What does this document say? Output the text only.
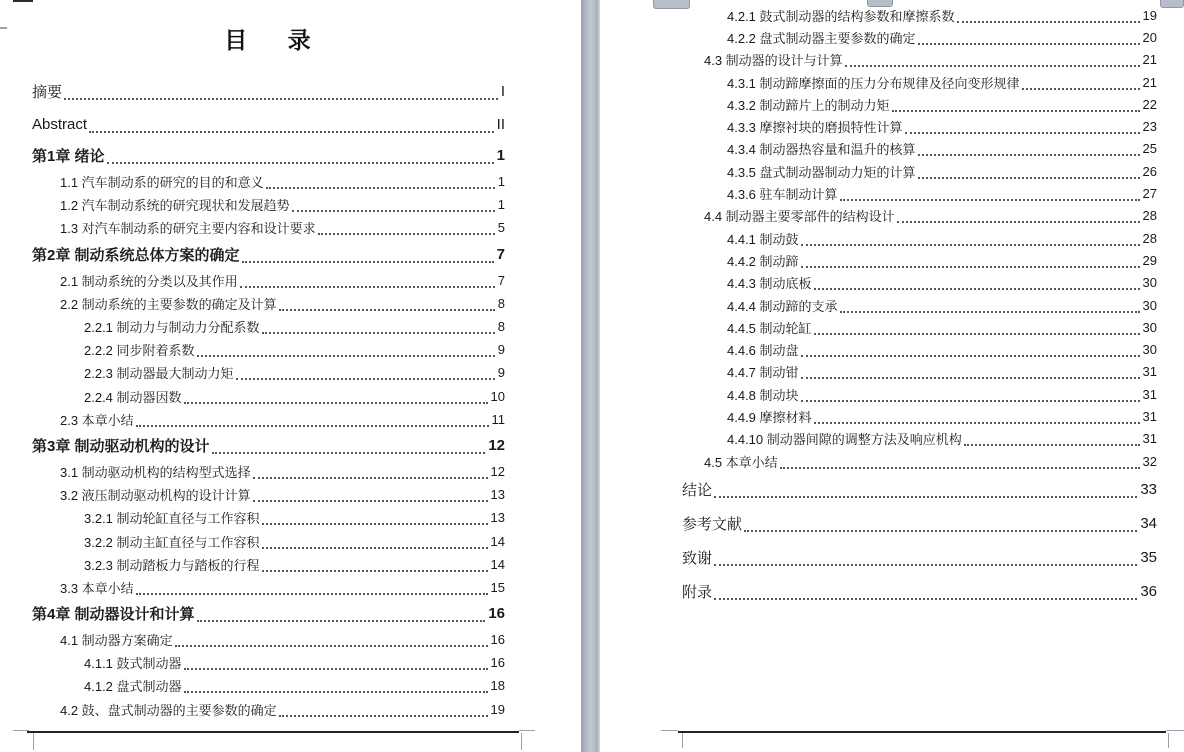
目 录
摘要	I
Abstract	II
第1章 绪论	1
1.1 汽车制动系的研究的目的和意义	1
1.2 汽车制动系统的研究现状和发展趋势	1
1.3 对汽车制动系的研究主要内容和设计要求	5
第2章 制动系统总体方案的确定	7
2.1 制动系统的分类以及其作用	7
2.2 制动系统的主要参数的确定及计算	8
2.2.1 制动力与制动力分配系数	8
2.2.2 同步附着系数	9
2.2.3 制动器最大制动力矩	9
2.2.4 制动器因数	10
2.3 本章小结	11
第3章 制动驱动机构的设计	12
3.1 制动驱动机构的结构型式选择	12
3.2 液压制动驱动机构的设计计算	13
3.2.1 制动轮缸直径与工作容积	13
3.2.2 制动主缸直径与工作容积	14
3.2.3 制动踏板力与踏板的行程	14
3.3 本章小结	15
第4章 制动器设计和计算	16
4.1 制动器方案确定	16
4.1.1 鼓式制动器	16
4.1.2 盘式制动器	18
4.2 鼓、盘式制动器的主要参数的确定	19
4.2.1 鼓式制动器的结构参数和摩擦系数	19
4.2.2 盘式制动器主要参数的确定	20
4.3 制动器的设计与计算	21
4.3.1 制动蹄摩擦面的压力分布规律及径向变形规律	21
4.3.2 制动蹄片上的制动力矩	22
4.3.3 摩擦衬块的磨损特性计算	23
4.3.4 制动器热容量和温升的核算	25
4.3.5 盘式制动器制动力矩的计算	26
4.3.6 驻车制动计算	27
4.4 制动器主要零部件的结构设计	28
4.4.1 制动鼓	28
4.4.2 制动蹄	29
4.4.3 制动底板	30
4.4.4 制动蹄的支承	30
4.4.5 制动轮缸	30
4.4.6 制动盘	30
4.4.7 制动钳	31
4.4.8 制动块	31
4.4.9 摩擦材料	31
4.4.10 制动器间隙的调整方法及响应机构	31
4.5 本章小结	32
结论	33
参考文献	34
致谢	35
附录	36
